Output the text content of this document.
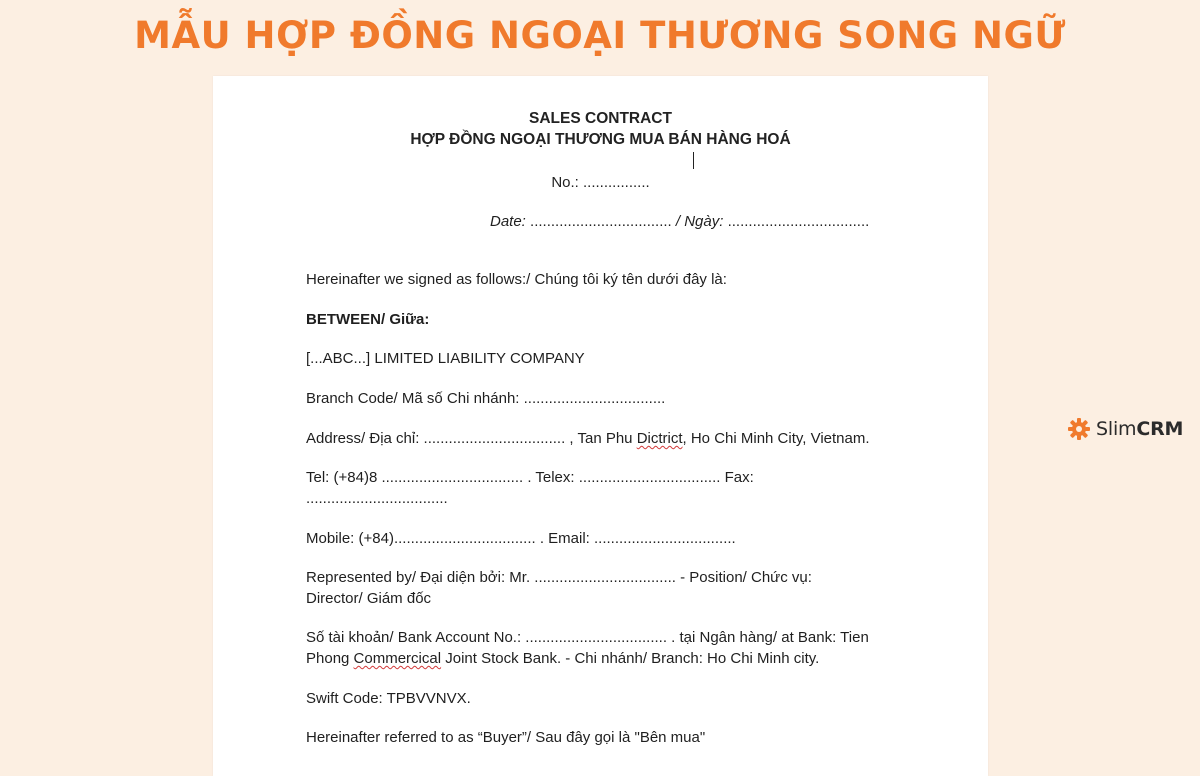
MẪU HỢP ĐỒNG NGOẠI THƯƠNG SONG NGỮ
SALES CONTRACT
HỢP ĐỒNG NGOẠI THƯƠNG MUA BÁN HÀNG HOÁ
No.: ................
Date: .................................. / Ngày: ..................................
Hereinafter we signed as follows:/ Chúng tôi ký tên dưới đây là:
BETWEEN/ Giữa:
[...ABC...] LIMITED LIABILITY COMPANY
Branch Code/ Mã số Chi nhánh: ..................................
Address/ Địa chỉ: .................................. , Tan Phu Dictrict, Ho Chi Minh City, Vietnam.
Tel: (+84)8 .................................. . Telex: .................................. Fax:
..................................
Mobile: (+84).................................. . Email: ..................................
Represented by/ Đại diện bởi: Mr. .................................. - Position/ Chức vụ:
Director/ Giám đốc
Số tài khoản/ Bank Account No.: .................................. . tại Ngân hàng/ at Bank: Tien
Phong Commercical Joint Stock Bank. - Chi nhánh/ Branch: Ho Chi Minh city.
Swift Code: TPBVVNVX.
Hereinafter referred to as “Buyer”/ Sau đây gọi là "Bên mua"
SlimCRM
